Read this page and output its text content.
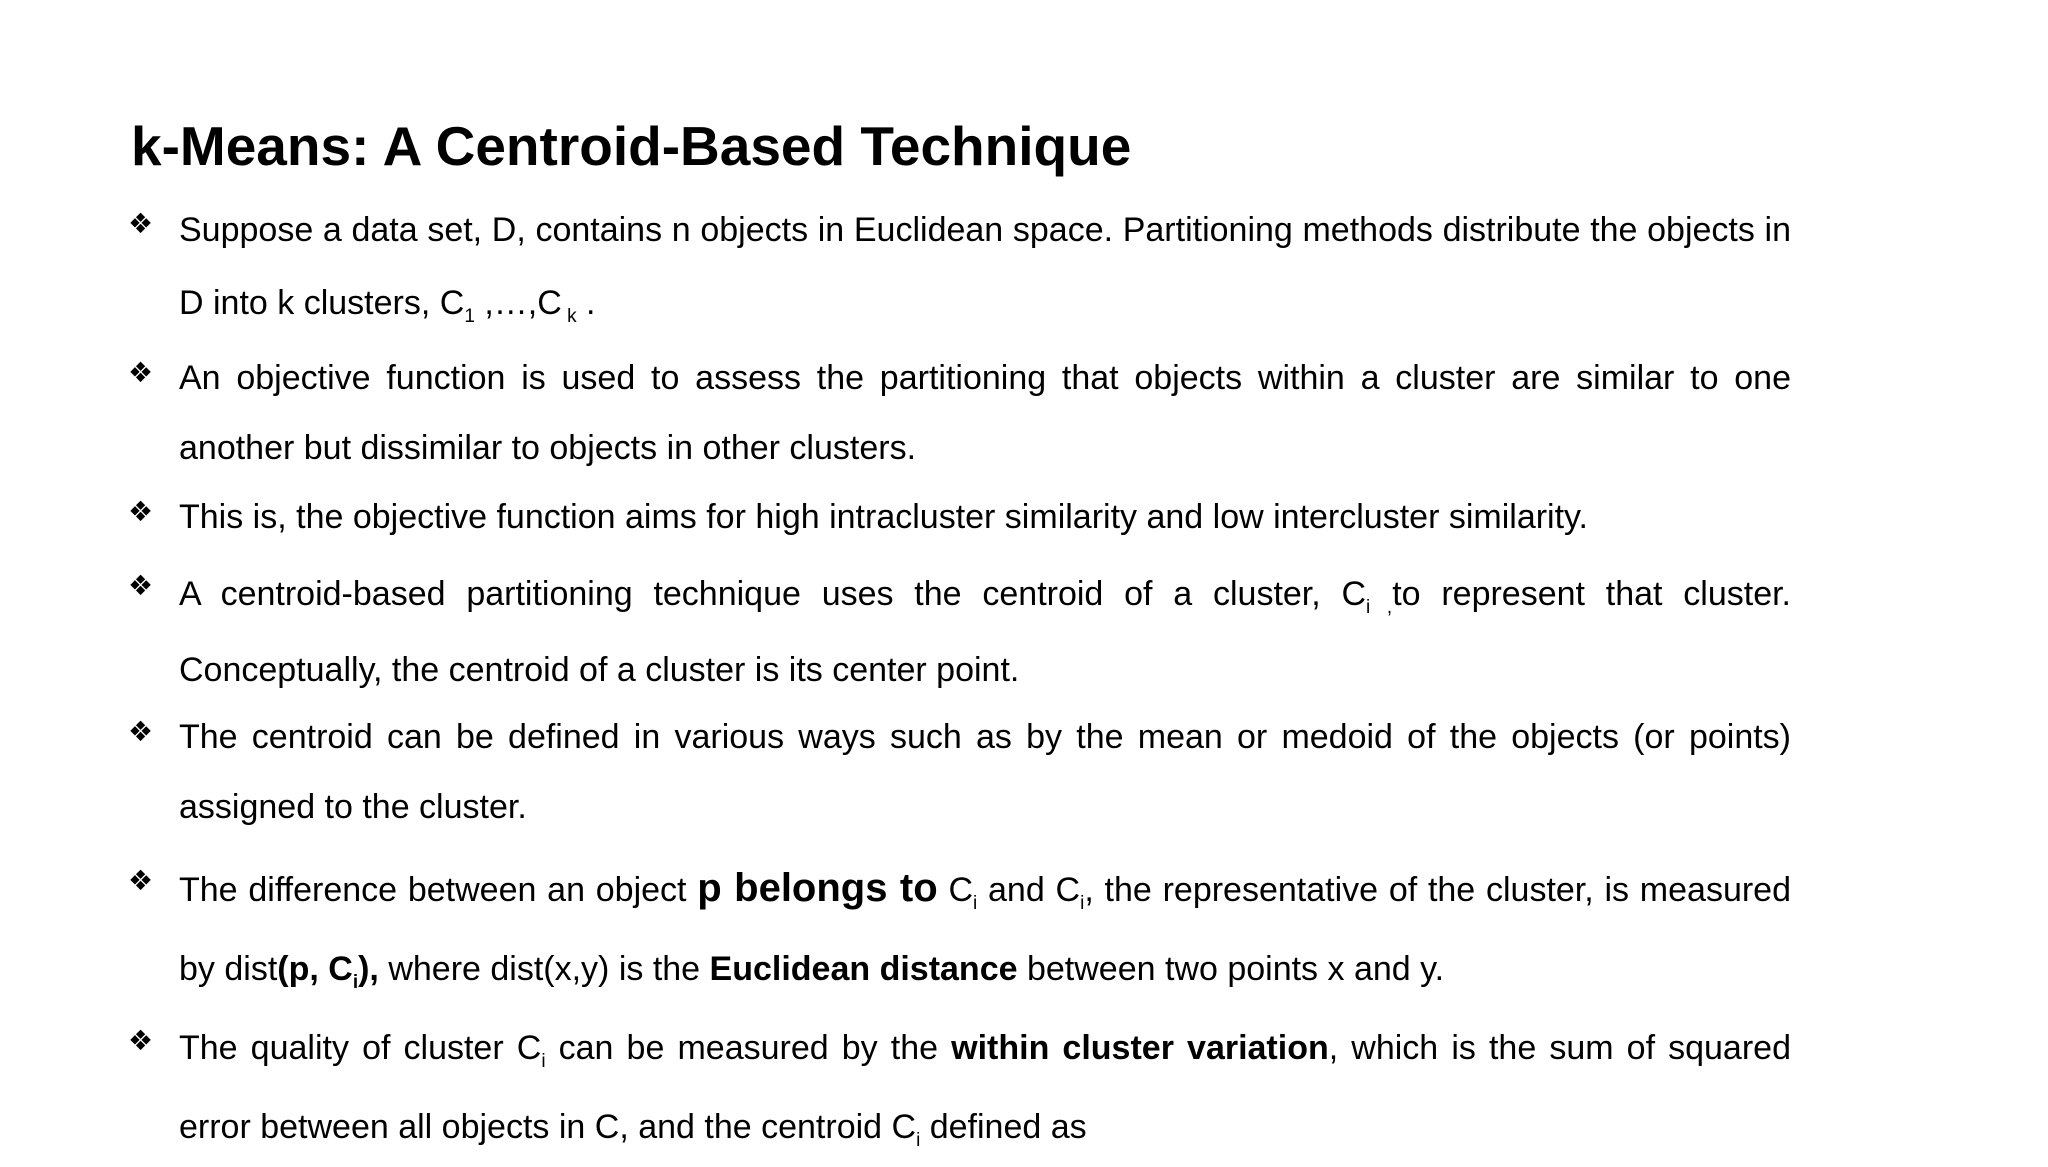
k-Means: A Centroid-Based Technique
❖ Suppose a data set, D, contains n objects in Euclidean space. Partitioning methods distribute the objects in D into k clusters, $C_1$ ,…,C $_k$ .
❖ An objective function is used to assess the partitioning that objects within a cluster are similar to one another but dissimilar to objects in other clusters.
❖ This is, the objective function aims for high intracluster similarity and low intercluster similarity.
❖ A centroid-based partitioning technique uses the centroid of a cluster, $C_{i ,}to$ represent that cluster. Conceptually, the centroid of a cluster is its center point.
❖ The centroid can be defined in various ways such as by the mean or medoid of the objects (or points) assigned to the cluster.
❖ The difference between an object p belongs to $C_i$ and $C_i$, the representative of the cluster, is measured by dist(p, $C_i$), where dist(x,y) is the Euclidean distance between two points x and y.
❖ The quality of cluster $C_i$ can be measured by the within cluster variation, which is the sum of squared error between all objects in C, and the centroid $C_i$ defined as
